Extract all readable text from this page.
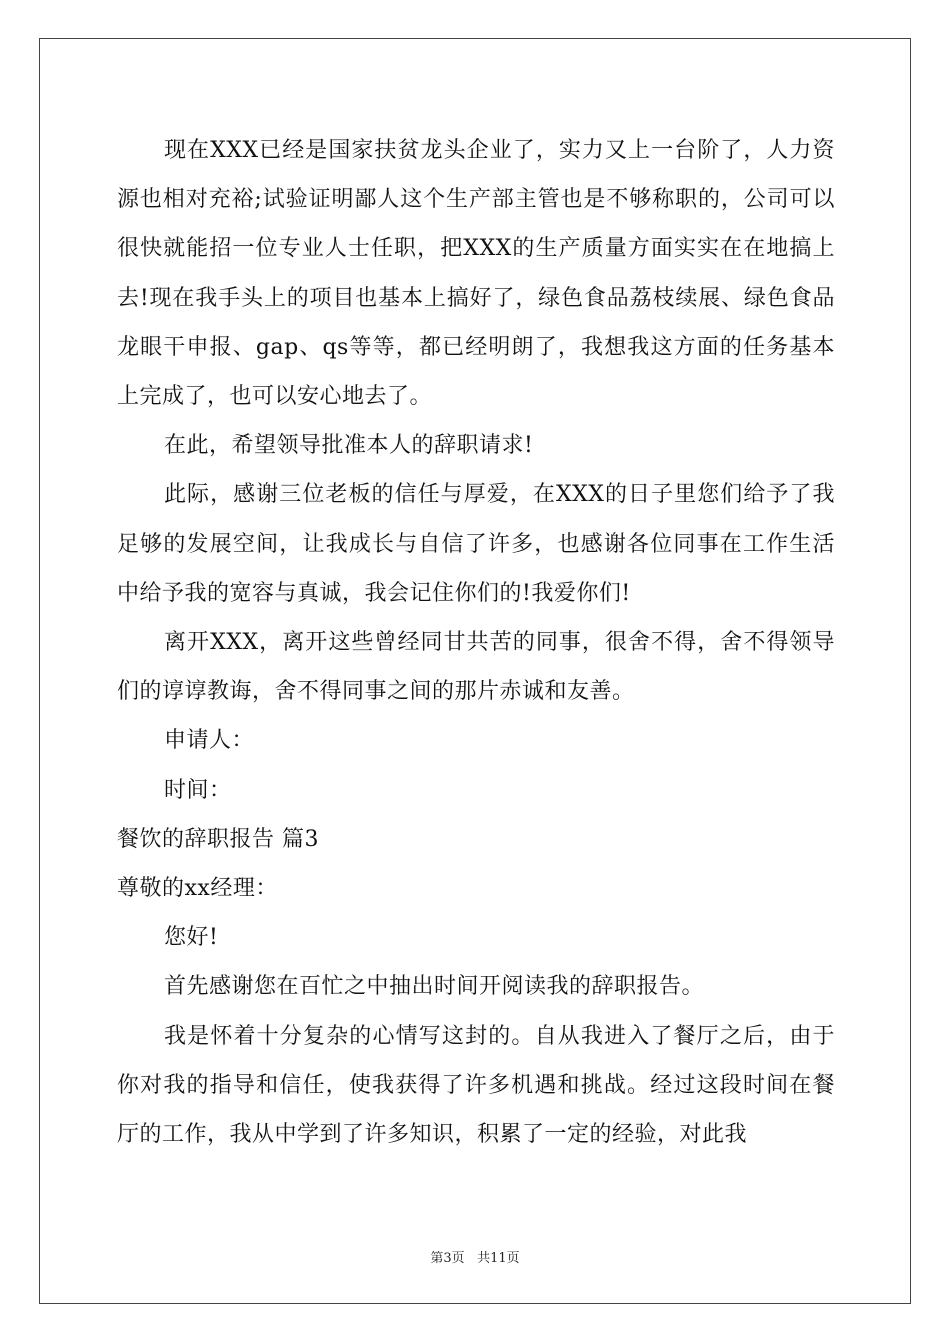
现在XXX已经是国家扶贫龙头企业了，实力又上一台阶了，人力资源也相对充裕;试验证明鄙人这个生产部主管也是不够称职的，公司可以很快就能招一位专业人士任职，把XXX的生产质量方面实实在在地搞上去!现在我手头上的项目也基本上搞好了，绿色食品荔枝续展、绿色食品龙眼干申报、gap、qs等等，都已经明朗了，我想我这方面的任务基本上完成了，也可以安心地去了。

在此，希望领导批准本人的辞职请求!

此际，感谢三位老板的信任与厚爱，在XXX的日子里您们给予了我足够的发展空间，让我成长与自信了许多，也感谢各位同事在工作生活中给予我的宽容与真诚，我会记住你们的!我爱你们!

离开XXX，离开这些曾经同甘共苦的同事，很舍不得，舍不得领导们的谆谆教诲，舍不得同事之间的那片赤诚和友善。

申请人：

时间：

餐饮的辞职报告 篇3

尊敬的xx经理：

您好!

首先感谢您在百忙之中抽出时间开阅读我的辞职报告。

我是怀着十分复杂的心情写这封的。自从我进入了餐厅之后，由于你对我的指导和信任，使我获得了许多机遇和挑战。经过这段时间在餐厅的工作，我从中学到了许多知识，积累了一定的经验，对此我

第3页 共11页
